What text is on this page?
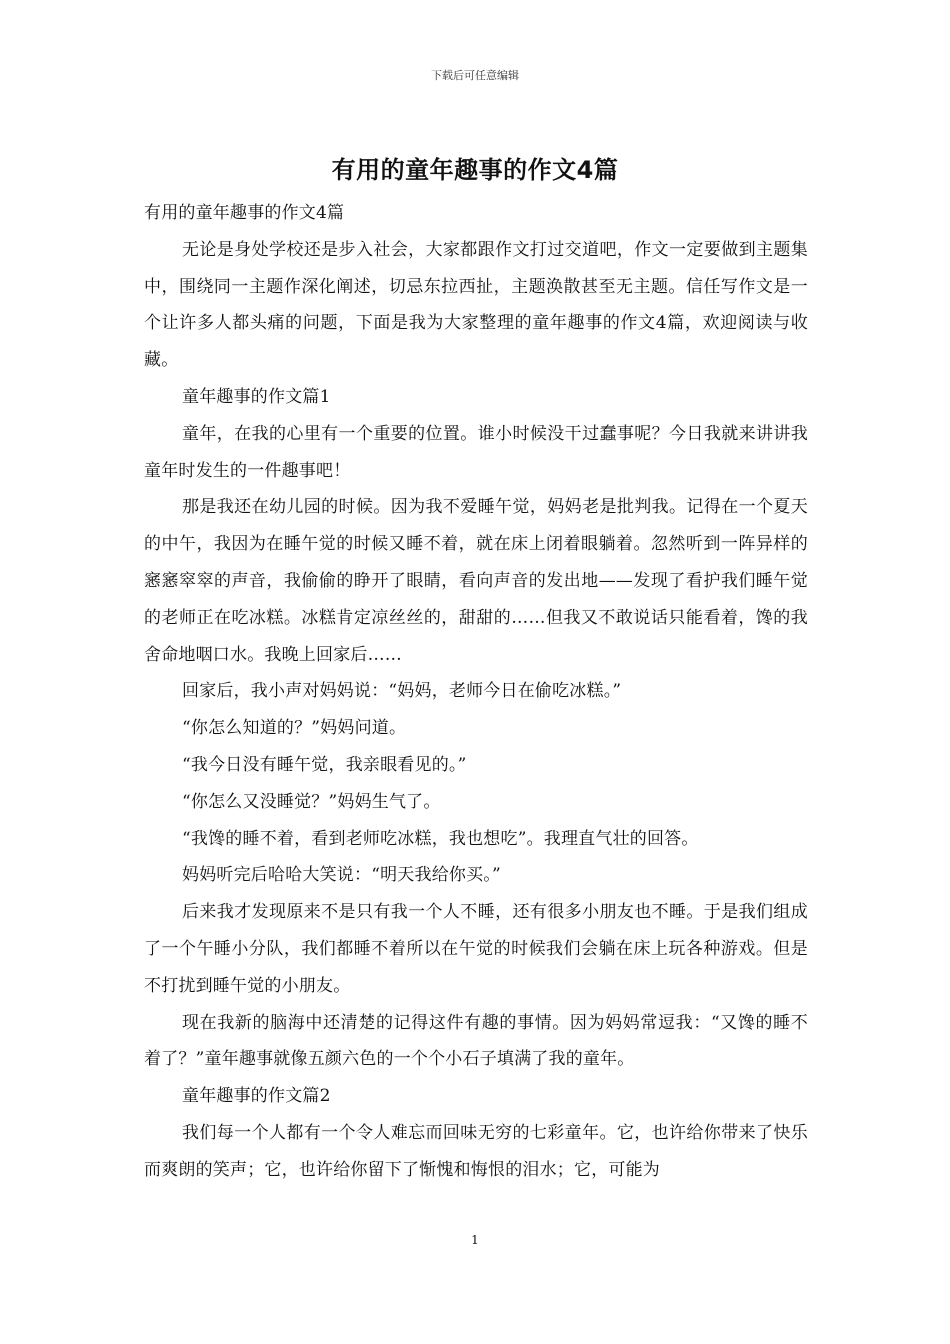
下载后可任意编辑
有用的童年趣事的作文4篇

有用的童年趣事的作文4篇

无论是身处学校还是步入社会，大家都跟作文打过交道吧，作文一定要做到主题集中，围绕同一主题作深化阐述，切忌东拉西扯，主题涣散甚至无主题。信任写作文是一个让许多人都头痛的问题，下面是我为大家整理的童年趣事的作文4篇，欢迎阅读与收藏。

童年趣事的作文篇1

童年，在我的心里有一个重要的位置。谁小时候没干过蠢事呢？今日我就来讲讲我童年时发生的一件趣事吧！

那是我还在幼儿园的时候。因为我不爱睡午觉，妈妈老是批判我。记得在一个夏天的中午，我因为在睡午觉的时候又睡不着，就在床上闭着眼躺着。忽然听到一阵异样的窸窸窣窣的声音，我偷偷的睁开了眼睛，看向声音的发出地——发现了看护我们睡午觉的老师正在吃冰糕。冰糕肯定凉丝丝的，甜甜的……但我又不敢说话只能看着，馋的我舍命地咽口水。我晚上回家后……

回家后，我小声对妈妈说：“妈妈，老师今日在偷吃冰糕。”

“你怎么知道的？”妈妈问道。

“我今日没有睡午觉，我亲眼看见的。”

“你怎么又没睡觉？”妈妈生气了。

“我馋的睡不着，看到老师吃冰糕，我也想吃”。我理直气壮的回答。

妈妈听完后哈哈大笑说：“明天我给你买。”

后来我才发现原来不是只有我一个人不睡，还有很多小朋友也不睡。于是我们组成了一个午睡小分队，我们都睡不着所以在午觉的时候我们会躺在床上玩各种游戏。但是不打扰到睡午觉的小朋友。

现在我新的脑海中还清楚的记得这件有趣的事情。因为妈妈常逗我：“又馋的睡不着了？”童年趣事就像五颜六色的一个个小石子填满了我的童年。

童年趣事的作文篇2

我们每一个人都有一个令人难忘而回味无穷的七彩童年。它，也许给你带来了快乐而爽朗的笑声；它，也许给你留下了惭愧和悔恨的泪水；它，可能为

1
